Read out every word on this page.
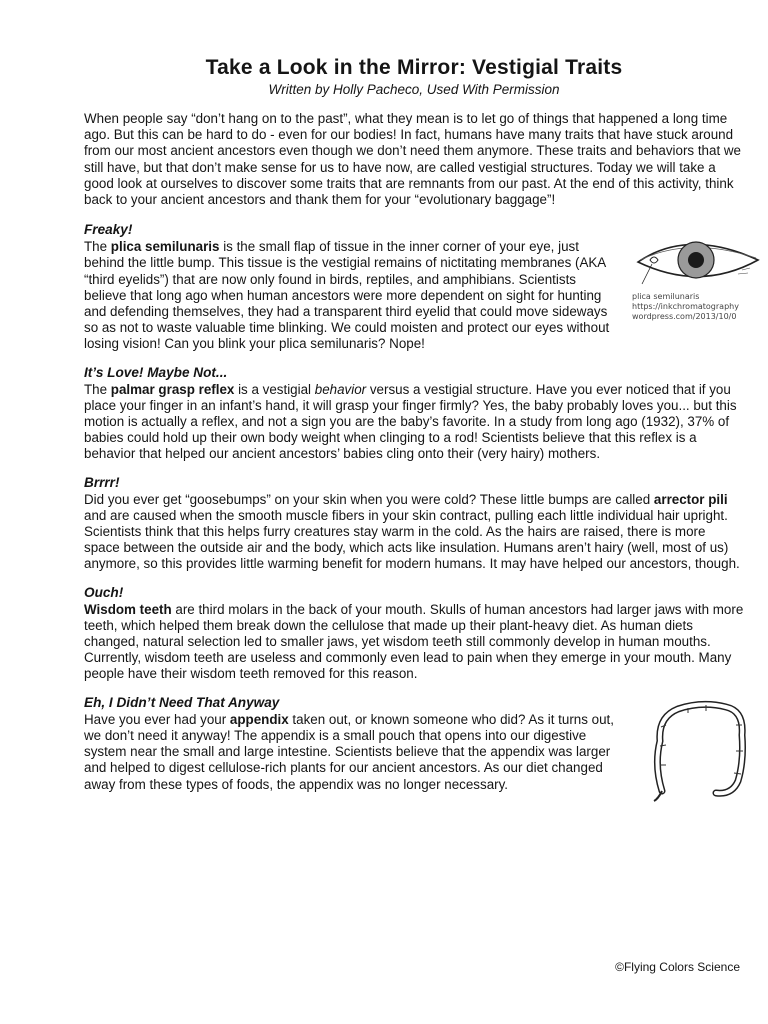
Take a Look in the Mirror: Vestigial Traits
Written by Holly Pacheco, Used With Permission

When people say “don’t hang on to the past”, what they mean is to let go of things that happened a long time ago. But this can be hard to do - even for our bodies! In fact, humans have many traits that have stuck around from our most ancient ancestors even though we don’t need them anymore. These traits and behaviors that we still have, but that don’t make sense for us to have now, are called vestigial structures. Today we will take a good look at ourselves to discover some traits that are remnants from our past. At the end of this activity, think back to your ancient ancestors and thank them for your “evolutionary baggage”!

Freaky!

The plica semilunaris is the small flap of tissue in the inner corner of your eye, just behind the little bump. This tissue is the vestigial remains of nictitating membranes (AKA “third eyelids”) that are now only found in birds, reptiles, and amphibians. Scientists believe that long ago when human ancestors were more dependent on sight for hunting and defending themselves, they had a transparent third eyelid that could move sideways so as not to waste valuable time blinking. We could moisten and protect our eyes without losing vision! Can you blink your plica semilunaris? Nope!

plica semilunaris
https://inkchromatography
wordpress.com/2013/10/0
It’s Love! Maybe Not...

The palmar grasp reflex is a vestigial behavior versus a vestigial structure. Have you ever noticed that if you place your finger in an infant’s hand, it will grasp your finger firmly? Yes, the baby probably loves you... but this motion is actually a reflex, and not a sign you are the baby’s favorite. In a study from long ago (1932), 37% of babies could hold up their own body weight when clinging to a rod! Scientists believe that this reflex is a behavior that helped our ancient ancestors’ babies cling onto their (very hairy) mothers.

Brrrr!

Did you ever get “goosebumps” on your skin when you were cold? These little bumps are called arrector pili and are caused when the smooth muscle fibers in your skin contract, pulling each little individual hair upright. Scientists think that this helps furry creatures stay warm in the cold. As the hairs are raised, there is more space between the outside air and the body, which acts like insulation. Humans aren’t hairy (well, most of us) anymore, so this provides little warming benefit for modern humans. It may have helped our ancestors, though.

Ouch!

Wisdom teeth are third molars in the back of your mouth. Skulls of human ancestors had larger jaws with more teeth, which helped them break down the cellulose that made up their plant-heavy diet. As human diets changed, natural selection led to smaller jaws, yet wisdom teeth still commonly develop in human mouths. Currently, wisdom teeth are useless and commonly even lead to pain when they emerge in your mouth. Many people have their wisdom teeth removed for this reason.

Eh, I Didn’t Need That Anyway

Have you ever had your appendix taken out, or known someone who did? As it turns out, we don’t need it anyway! The appendix is a small pouch that opens into our digestive system near the small and large intestine. Scientists believe that the appendix was larger and helped to digest cellulose-rich plants for our ancient ancestors. As our diet changed away from these types of foods, the appendix was no longer necessary.

©Flying Colors Science
